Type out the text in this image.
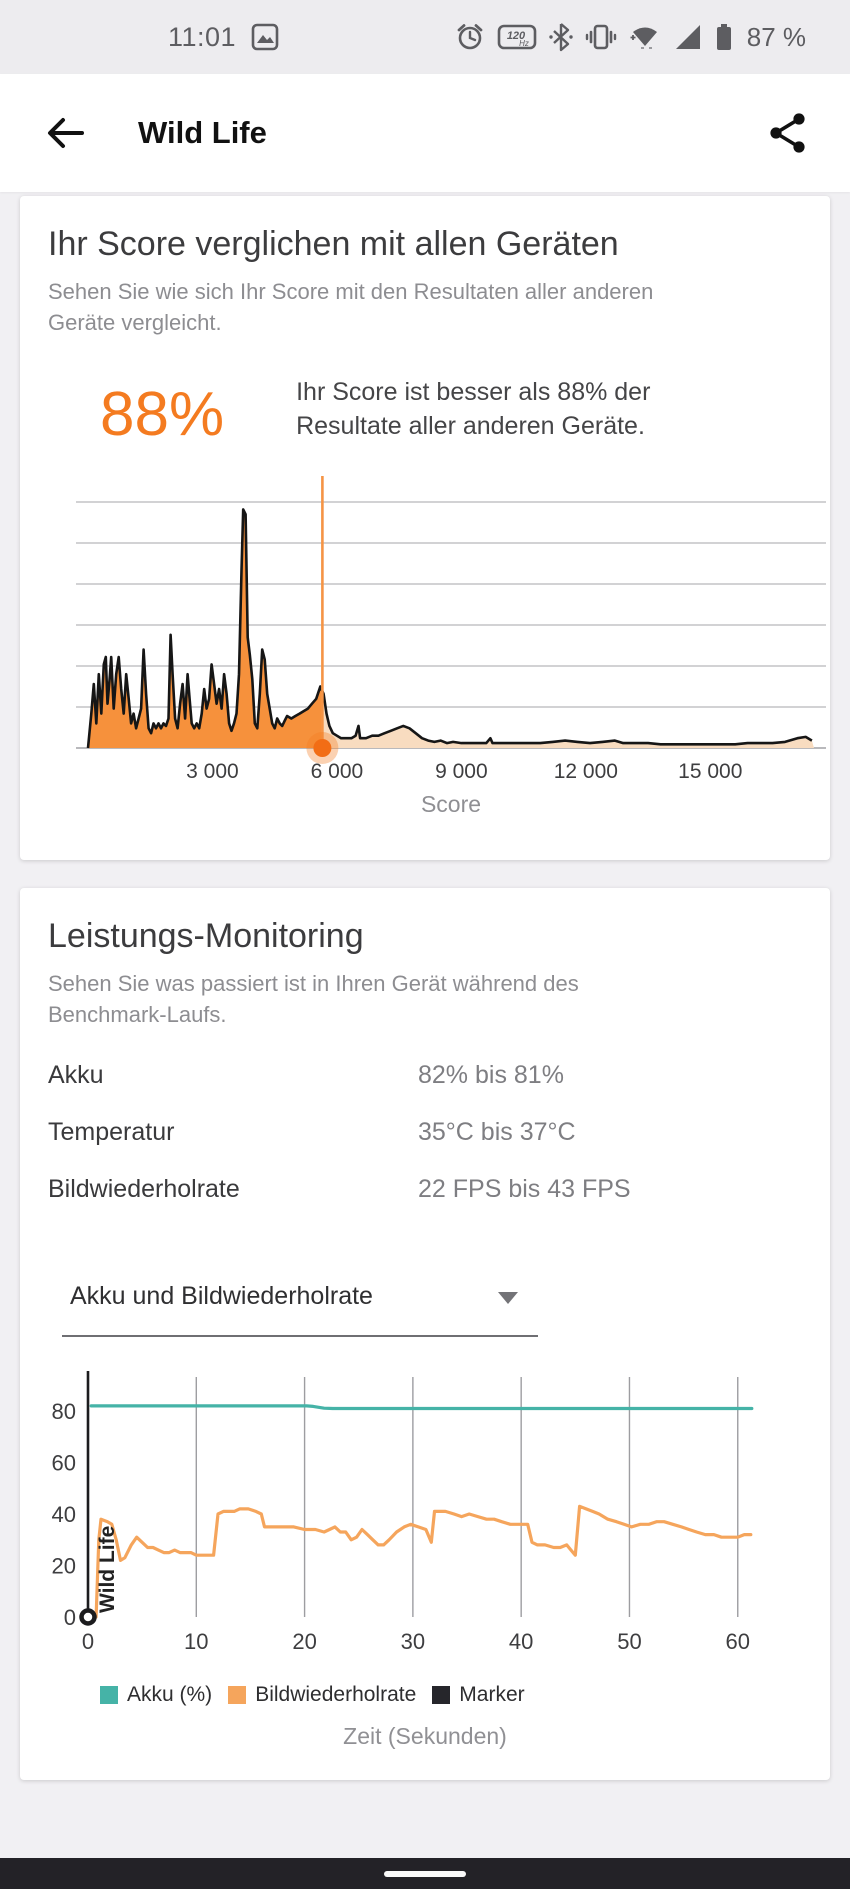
11:01	120
Hz	87 %
Wild Life
Ihr Score verglichen mit allen Geräten
Sehen Sie wie sich Ihr Score mit den Resultaten aller anderen Geräte vergleicht.
88%	Ihr Score ist besser als 88% der Resultate aller anderen Geräte.
3 000	6 000	9 000	12 000	15 000
Score
Leistungs-Monitoring
Sehen Sie was passiert ist in Ihren Gerät während des Benchmark-Laufs.
Akku	82% bis 81%
Temperatur	35°C bis 37°C
Bildwiederholrate	22 FPS bis 43 FPS
Akku und Bildwiederholrate
0
20
40
60
80
0	10	20	30	40	50	60
Wild Life
Akku (%) Bildwiederholrate Marker
Zeit (Sekunden)
